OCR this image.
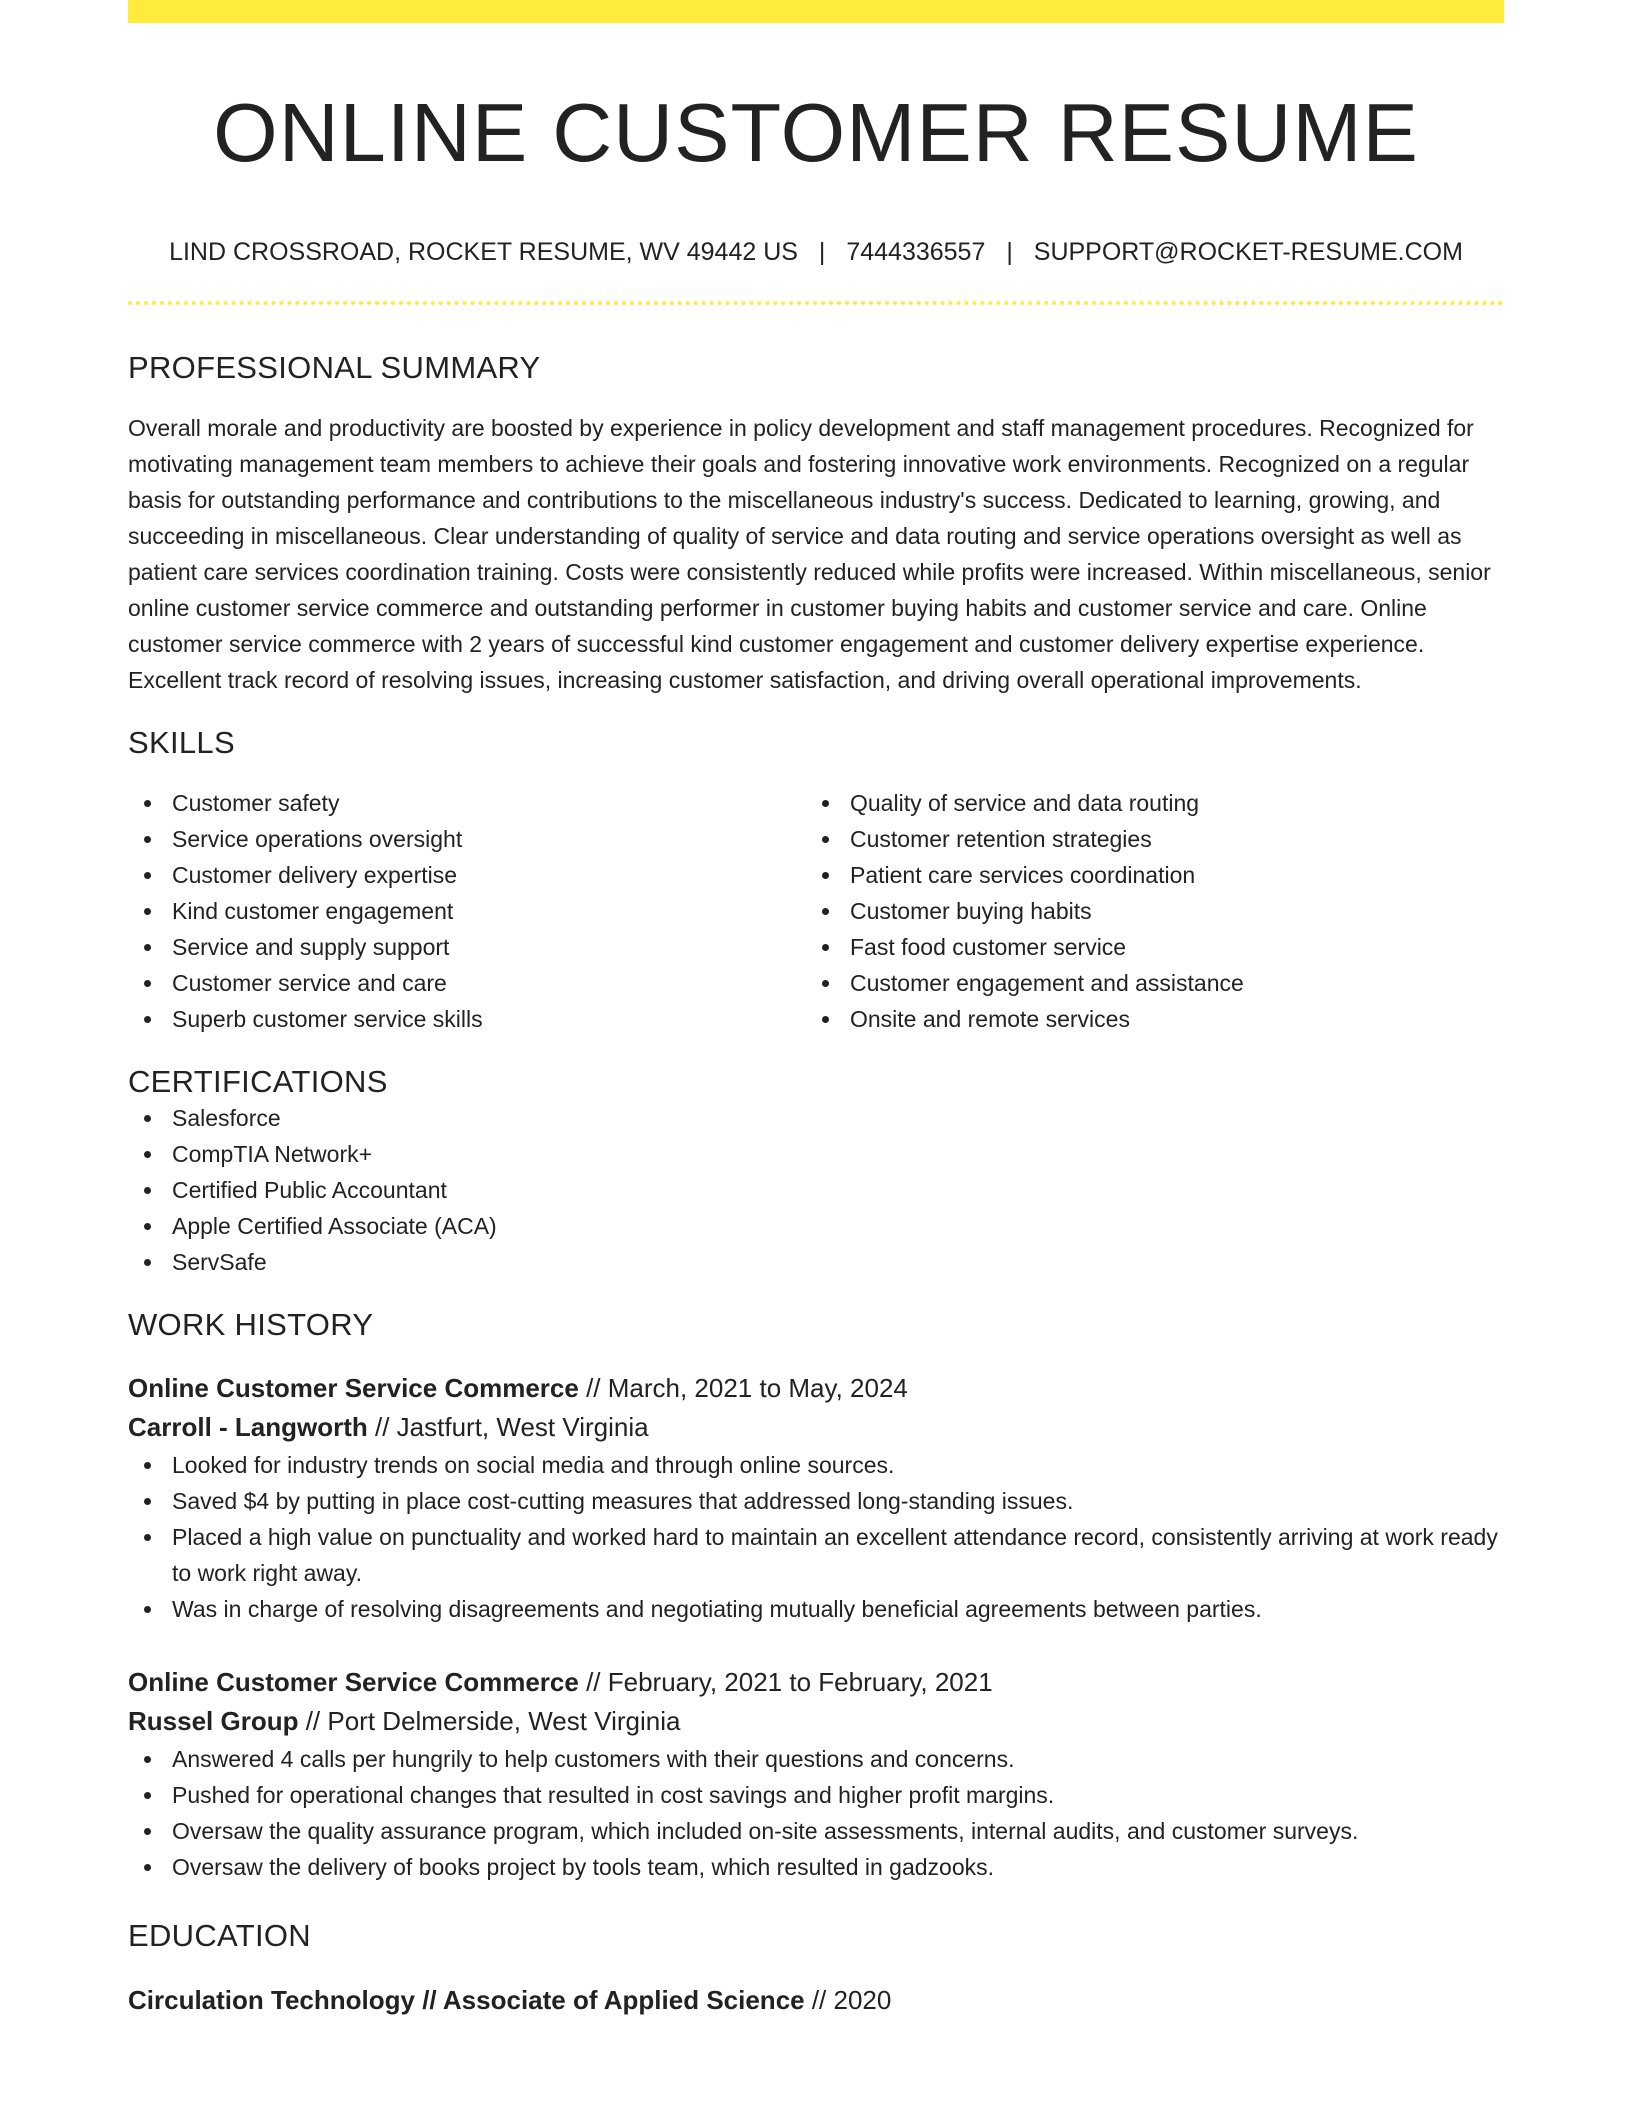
ONLINE CUSTOMER RESUME
LIND CROSSROAD, ROCKET RESUME, WV 49442 US | 7444336557 | SUPPORT@ROCKET-RESUME.COM
PROFESSIONAL SUMMARY
Overall morale and productivity are boosted by experience in policy development and staff management procedures. Recognized for motivating management team members to achieve their goals and fostering innovative work environments. Recognized on a regular basis for outstanding performance and contributions to the miscellaneous industry's success. Dedicated to learning, growing, and succeeding in miscellaneous. Clear understanding of quality of service and data routing and service operations oversight as well as patient care services coordination training. Costs were consistently reduced while profits were increased. Within miscellaneous, senior online customer service commerce and outstanding performer in customer buying habits and customer service and care. Online customer service commerce with 2 years of successful kind customer engagement and customer delivery expertise experience. Excellent track record of resolving issues, increasing customer satisfaction, and driving overall operational improvements.
SKILLS
Customer safety
Service operations oversight
Customer delivery expertise
Kind customer engagement
Service and supply support
Customer service and care
Superb customer service skills
Quality of service and data routing
Customer retention strategies
Patient care services coordination
Customer buying habits
Fast food customer service
Customer engagement and assistance
Onsite and remote services
CERTIFICATIONS
Salesforce
CompTIA Network+
Certified Public Accountant
Apple Certified Associate (ACA)
ServSafe
WORK HISTORY
Online Customer Service Commerce // March, 2021 to May, 2024
Carroll - Langworth // Jastfurt, West Virginia
Looked for industry trends on social media and through online sources.
Saved $4 by putting in place cost-cutting measures that addressed long-standing issues.
Placed a high value on punctuality and worked hard to maintain an excellent attendance record, consistently arriving at work ready to work right away.
Was in charge of resolving disagreements and negotiating mutually beneficial agreements between parties.
Online Customer Service Commerce // February, 2021 to February, 2021
Russel Group // Port Delmerside, West Virginia
Answered 4 calls per hungrily to help customers with their questions and concerns.
Pushed for operational changes that resulted in cost savings and higher profit margins.
Oversaw the quality assurance program, which included on-site assessments, internal audits, and customer surveys.
Oversaw the delivery of books project by tools team, which resulted in gadzooks.
EDUCATION
Circulation Technology // Associate of Applied Science // 2020
